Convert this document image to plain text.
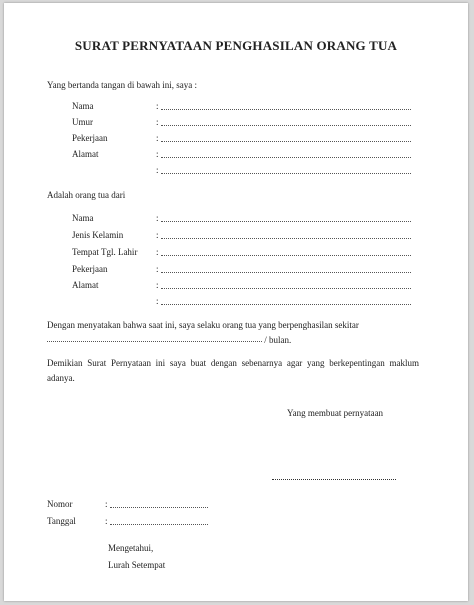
SURAT PERNYATAAN PENGHASILAN ORANG TUA
Yang bertanda tangan di bawah ini, saya :
Nama	:
Umur	:
Pekerjaan	:
Alamat	:
:
Adalah orang tua dari
Nama	:
Jenis Kelamin	:
Tempat Tgl. Lahir :
Pekerjaan	:
Alamat	:
:
Dengan menyatakan bahwa saat ini, saya selaku orang tua yang berpenghasilan sekitar
/ bulan.
Demikian Surat Pernyataan ini saya buat dengan sebenarnya agar yang berkepentingan maklum adanya.
Yang membuat pernyataan
Nomor	:
Tanggal	:
Mengetahui,
Lurah Setempat
